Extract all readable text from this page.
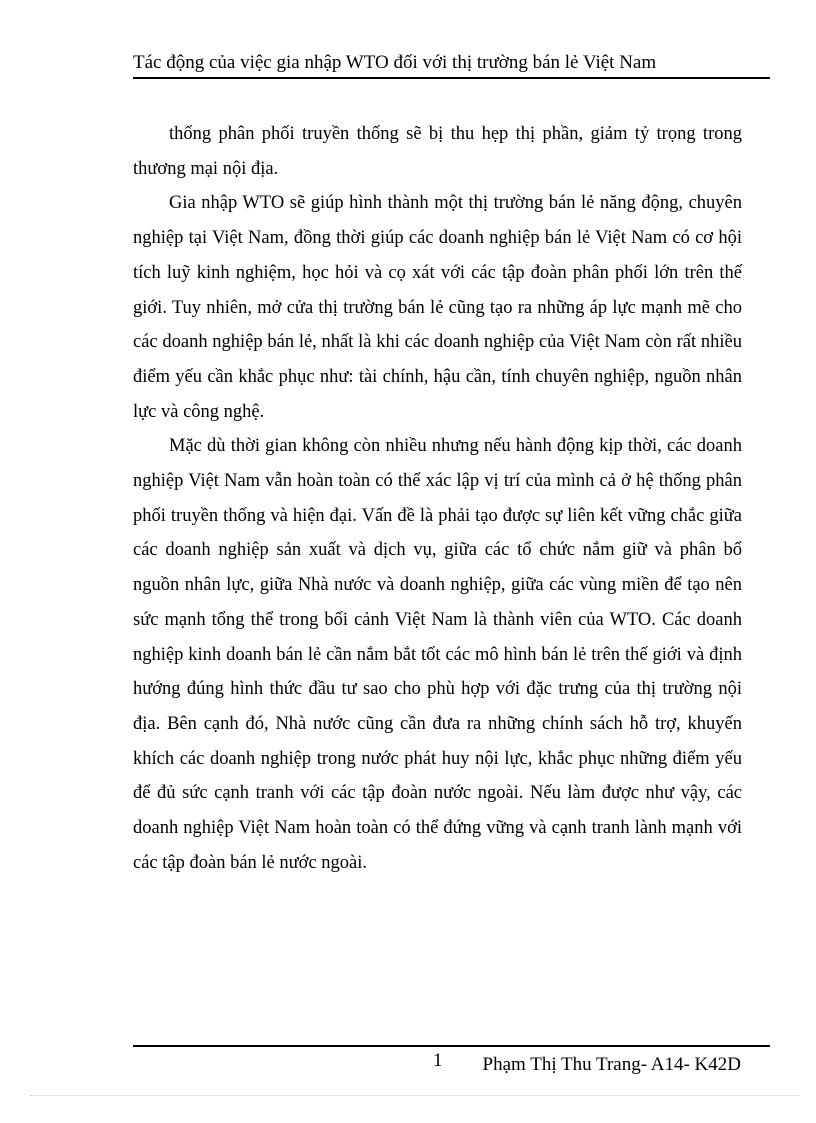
Tác động của việc gia nhập WTO đối với thị trường bán lẻ Việt Nam

thống phân phối truyền thống sẽ bị thu hẹp thị phần, giảm tỷ trọng trong thương mại nội địa.

Gia nhập WTO sẽ giúp hình thành một thị trường bán lẻ năng động, chuyên nghiệp tại Việt Nam, đồng thời giúp các doanh nghiệp bán lẻ Việt Nam có cơ hội tích luỹ kinh nghiệm, học hỏi và cọ xát với các tập đoàn phân phối lớn trên thế giới. Tuy nhiên, mở cửa thị trường bán lẻ cũng tạo ra những áp lực mạnh mẽ cho các doanh nghiệp bán lẻ, nhất là khi các doanh nghiệp của Việt Nam còn rất nhiều điểm yếu cần khắc phục như: tài chính, hậu cần, tính chuyên nghiệp, nguồn nhân lực và công nghệ.

Mặc dù thời gian không còn nhiều nhưng nếu hành động kịp thời, các doanh nghiệp Việt Nam vẫn hoàn toàn có thể xác lập vị trí của mình cả ở hệ thống phân phối truyền thống và hiện đại. Vấn đề là phải tạo được sự liên kết vững chắc giữa các doanh nghiệp sản xuất và dịch vụ, giữa các tổ chức nắm giữ và phân bổ nguồn nhân lực, giữa Nhà nước và doanh nghiệp, giữa các vùng miền để tạo nên sức mạnh tổng thể trong bối cảnh Việt Nam là thành viên của WTO. Các doanh nghiệp kinh doanh bán lẻ cần nắm bắt tốt các mô hình bán lẻ trên thế giới và định hướng đúng hình thức đầu tư sao cho phù hợp với đặc trưng của thị trường nội địa. Bên cạnh đó, Nhà nước cũng cần đưa ra những chính sách hỗ trợ, khuyến khích các doanh nghiệp trong nước phát huy nội lực, khắc phục những điểm yếu để đủ sức cạnh tranh với các tập đoàn nước ngoài. Nếu làm được như vậy, các doanh nghiệp Việt Nam hoàn toàn có thể đứng vững và cạnh tranh lành mạnh với các tập đoàn bán lẻ nước ngoài.

1 Phạm Thị Thu Trang- A14- K42D
